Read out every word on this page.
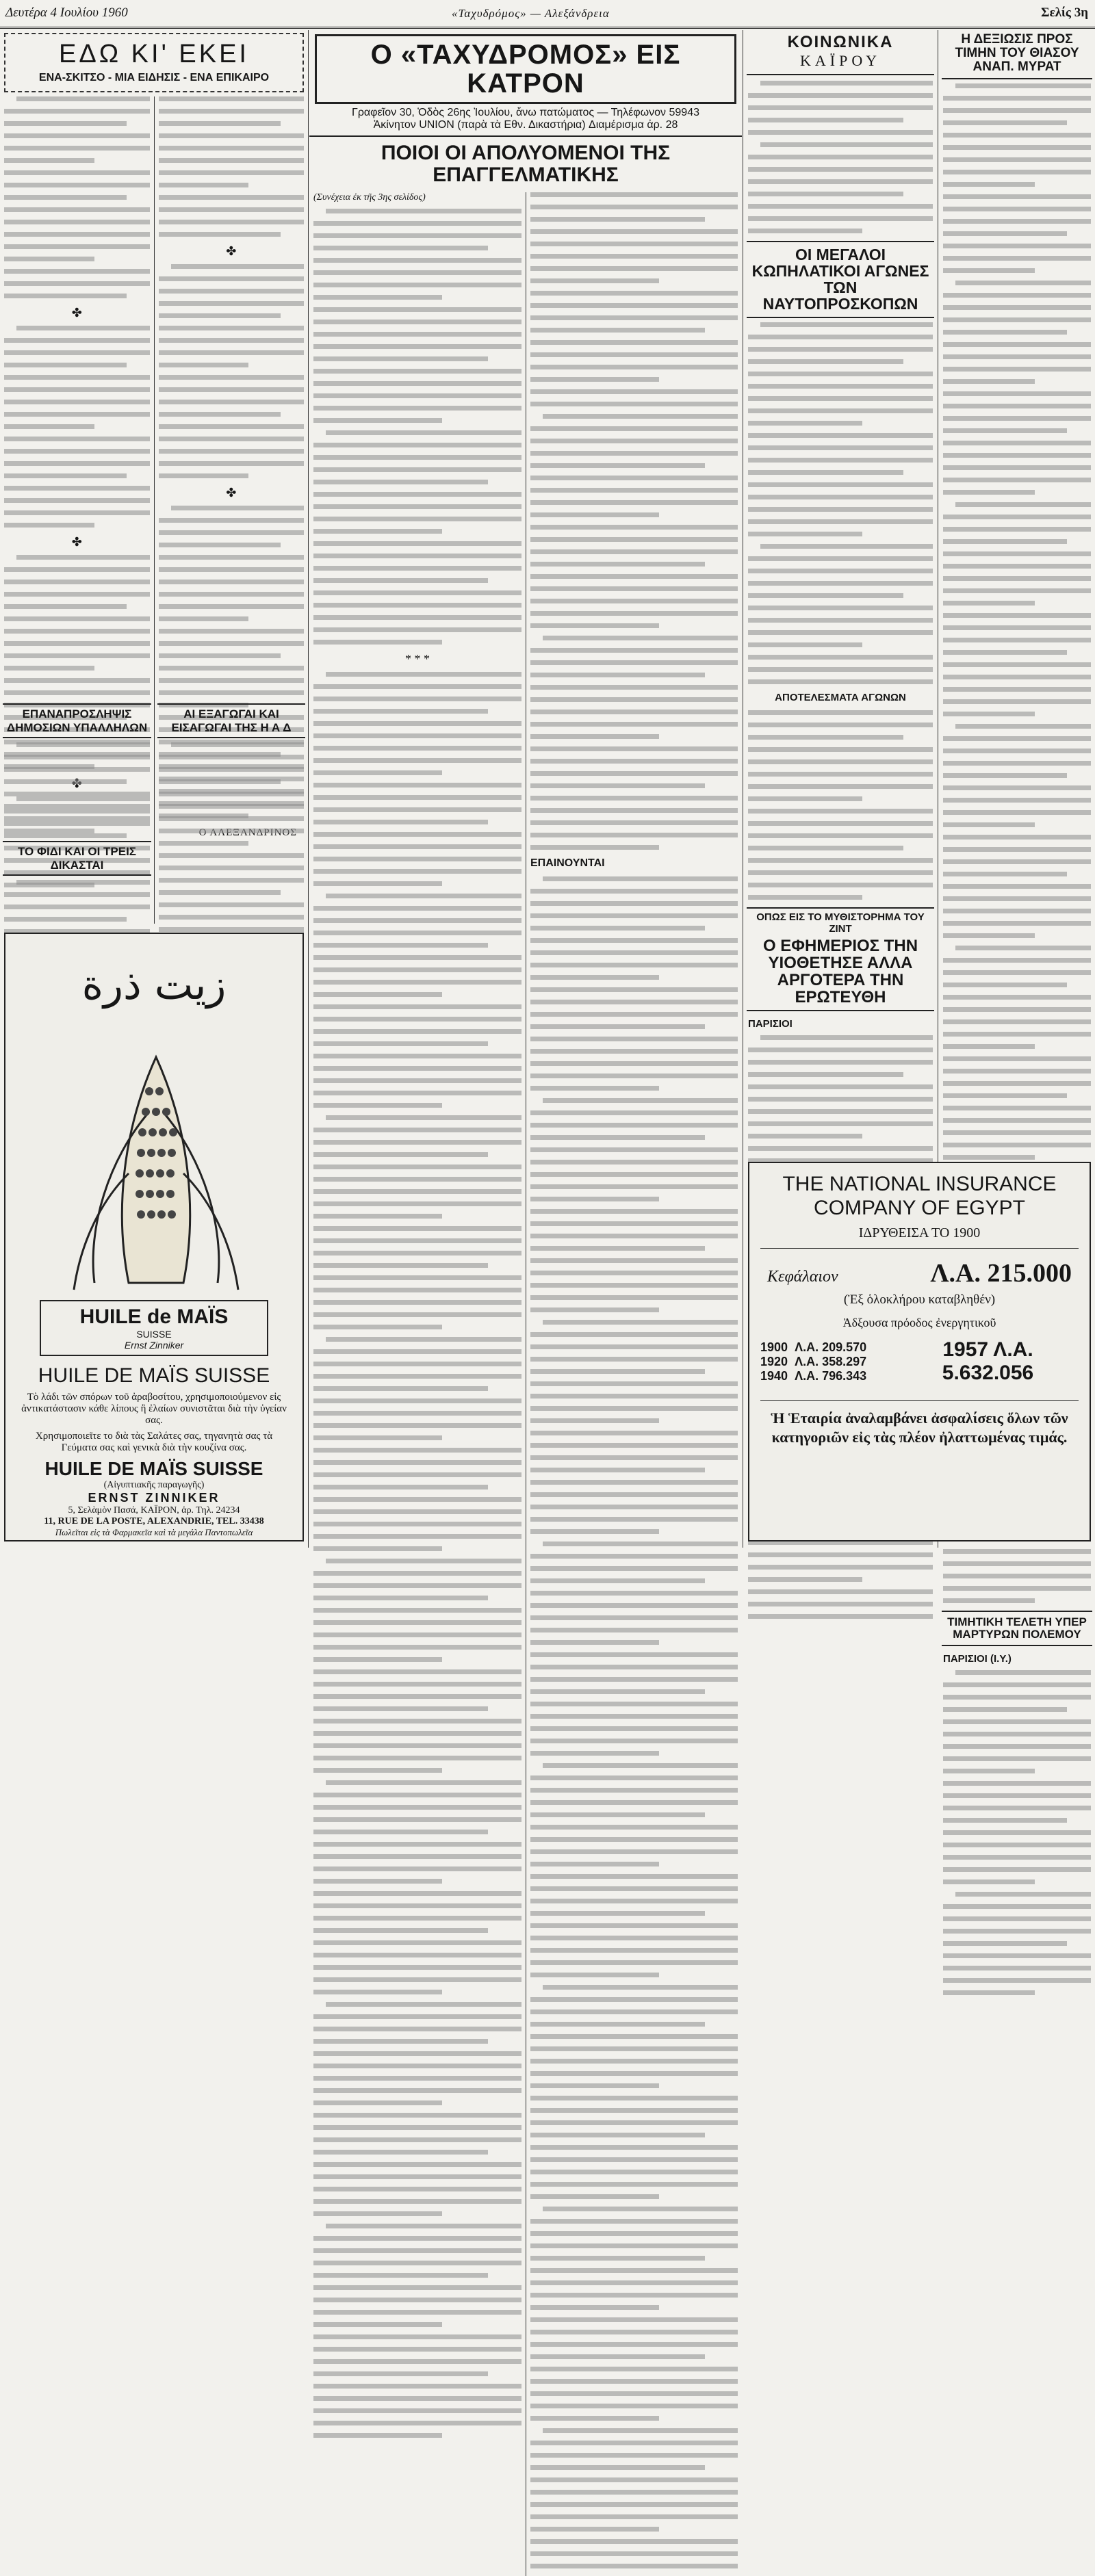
Δευτέρα 4 Ιουλίου 1960	«Ταχυδρόμος» — Αλεξάνδρεια	Σελίς 3η
ΕΔΩ ΚΙ' ΕΚΕΙ
ΕΝΑ-ΣΚΙΤΣΟ - ΜΙΑ ΕΙΔΗΣΙΣ - ΕΝΑ ΕΠΙΚΑΙΡΟ
✤
✤
✤
✤
ΕΠΑΝΑΠΡΟΣΛΗΨΙΣ ΔΗΜΟΣΙΩΝ ΥΠΑΛΛΗΛΩΝ
ΤΟ ΦΙΔΙ ΚΑΙ ΟΙ ΤΡΕΙΣ ΔΙΚΑΣΤΑΙ
ΑΙ ΕΞΑΓΩΓΑΙ ΚΑΙ ΕΙΣΑΓΩΓΑΙ ΤΗΣ Η Α Δ
زيت ذرة
HUILE de MAÏS
SUISSE
Ernst Zinniker
HUILE DE MAÏS SUISSE
Τὸ λάδι τῶν σπόρων τοῦ ἀραβοσίτου, χρησιμοποιούμενον εἰς ἀντικατάστασιν κάθε λίπους ἢ ἐλαίων συνιστᾶται διὰ τὴν ὑγείαν σας.
Χρησιμοποιεῖτε το διὰ τὰς Σαλάτες σας, τηγανητὰ σας τὰ Γεύματα σας καὶ γενικὰ διὰ τὴν κουζίνα σας.
HUILE DE MAÏS SUISSE
(Αἰγυπτιακῆς παραγωγῆς)
ERNST ZINNIKER
5, Σελὰμὸν Πασά, ΚΑΪΡΟΝ, ἀρ. Τηλ. 24234
11, RUE DE LA POSTE, ALEXANDRIE, TEL. 33438
Πωλεῖται εἰς τὰ Φαρμακεῖα καὶ τὰ μεγάλα Παντοπωλεῖα
Ο «ΤΑΧΥΔΡΟΜΟΣ» ΕΙΣ ΚΑΤΡΟΝ
Γραφεῖον 30, Ὁδὸς 26ης Ἰουλίου, ἄνω πατώματος — Τηλέφωνον 59943
Ἀκίνητον UNION (παρὰ τὰ Εθν. Δικαστήρια) Διαμέρισμα ἀρ. 28
ΠΟΙΟΙ ΟΙ ΑΠΟΛΥΟΜΕΝΟΙ ΤΗΣ ΕΠΑΓΓΕΛΜΑΤΙΚΗΣ
(Συνέχεια ἐκ τῆς 3ης σελίδος)
* * *
ΕΠΑΙΝΟΥΝΤΑΙ
ΚΟΙΝΩΝΙΚΑ
ΚΑΪΡΟΥ
ΟΙ ΜΕΓΑΛΟΙ ΚΩΠΗΛΑΤΙΚΟΙ ΑΓΩΝΕΣ ΤΩΝ ΝΑΥΤΟΠΡΟΣΚΟΠΩΝ
ΑΠΟΤΕΛΕΣΜΑΤΑ ΑΓΩΝΩΝ
ΟΠΩΣ ΕΙΣ ΤΟ ΜΥΘΙΣΤΟΡΗΜΑ ΤΟΥ ΖΙΝΤ
Ο ΕΦΗΜΕΡΙΟΣ ΤΗΝ ΥΙΟΘΕΤΗΣΕ ΑΛΛΑ ΑΡΓΟΤΕΡΑ ΤΗΝ ΕΡΩΤΕΥΘΗ
ΠΑΡΙΣΙΟΙ
Η ΔΕΞΙΩΣΙΣ ΠΡΟΣ ΤΙΜΗΝ ΤΟΥ ΘΙΑΣΟΥ ΑΝΑΠ. ΜΥΡΑΤ
ΤΙΜΗΤΙΚΗ ΤΕΛΕΤΗ ΥΠΕΡ ΜΑΡΤΥΡΩΝ ΠΟΛΕΜΟΥ
ΠΑΡΙΣΙΟΙ (Ι.Υ.)
THE NATIONAL INSURANCE COMPANY OF EGYPT
ΙΔΡΥΘΕΙΣΑ ΤΟ 1900
Κεφάλαιον	Λ.Α. 215.000
(Ἐξ ὁλοκλήρου καταβληθέν)
Ἀδξουσα πρόοδος ἐνεργητικοῦ
1900 Λ.Α. 209.570
1920 Λ.Α. 358.297
1940 Λ.Α. 796.343
1957 Λ.Α. 5.632.056
Ἡ Ἑταιρία ἀναλαμβάνει ἀσφαλίσεις ὅλων τῶν κατηγοριῶν εἰς τὰς πλέον ἠλαττωμένας τιμάς.
